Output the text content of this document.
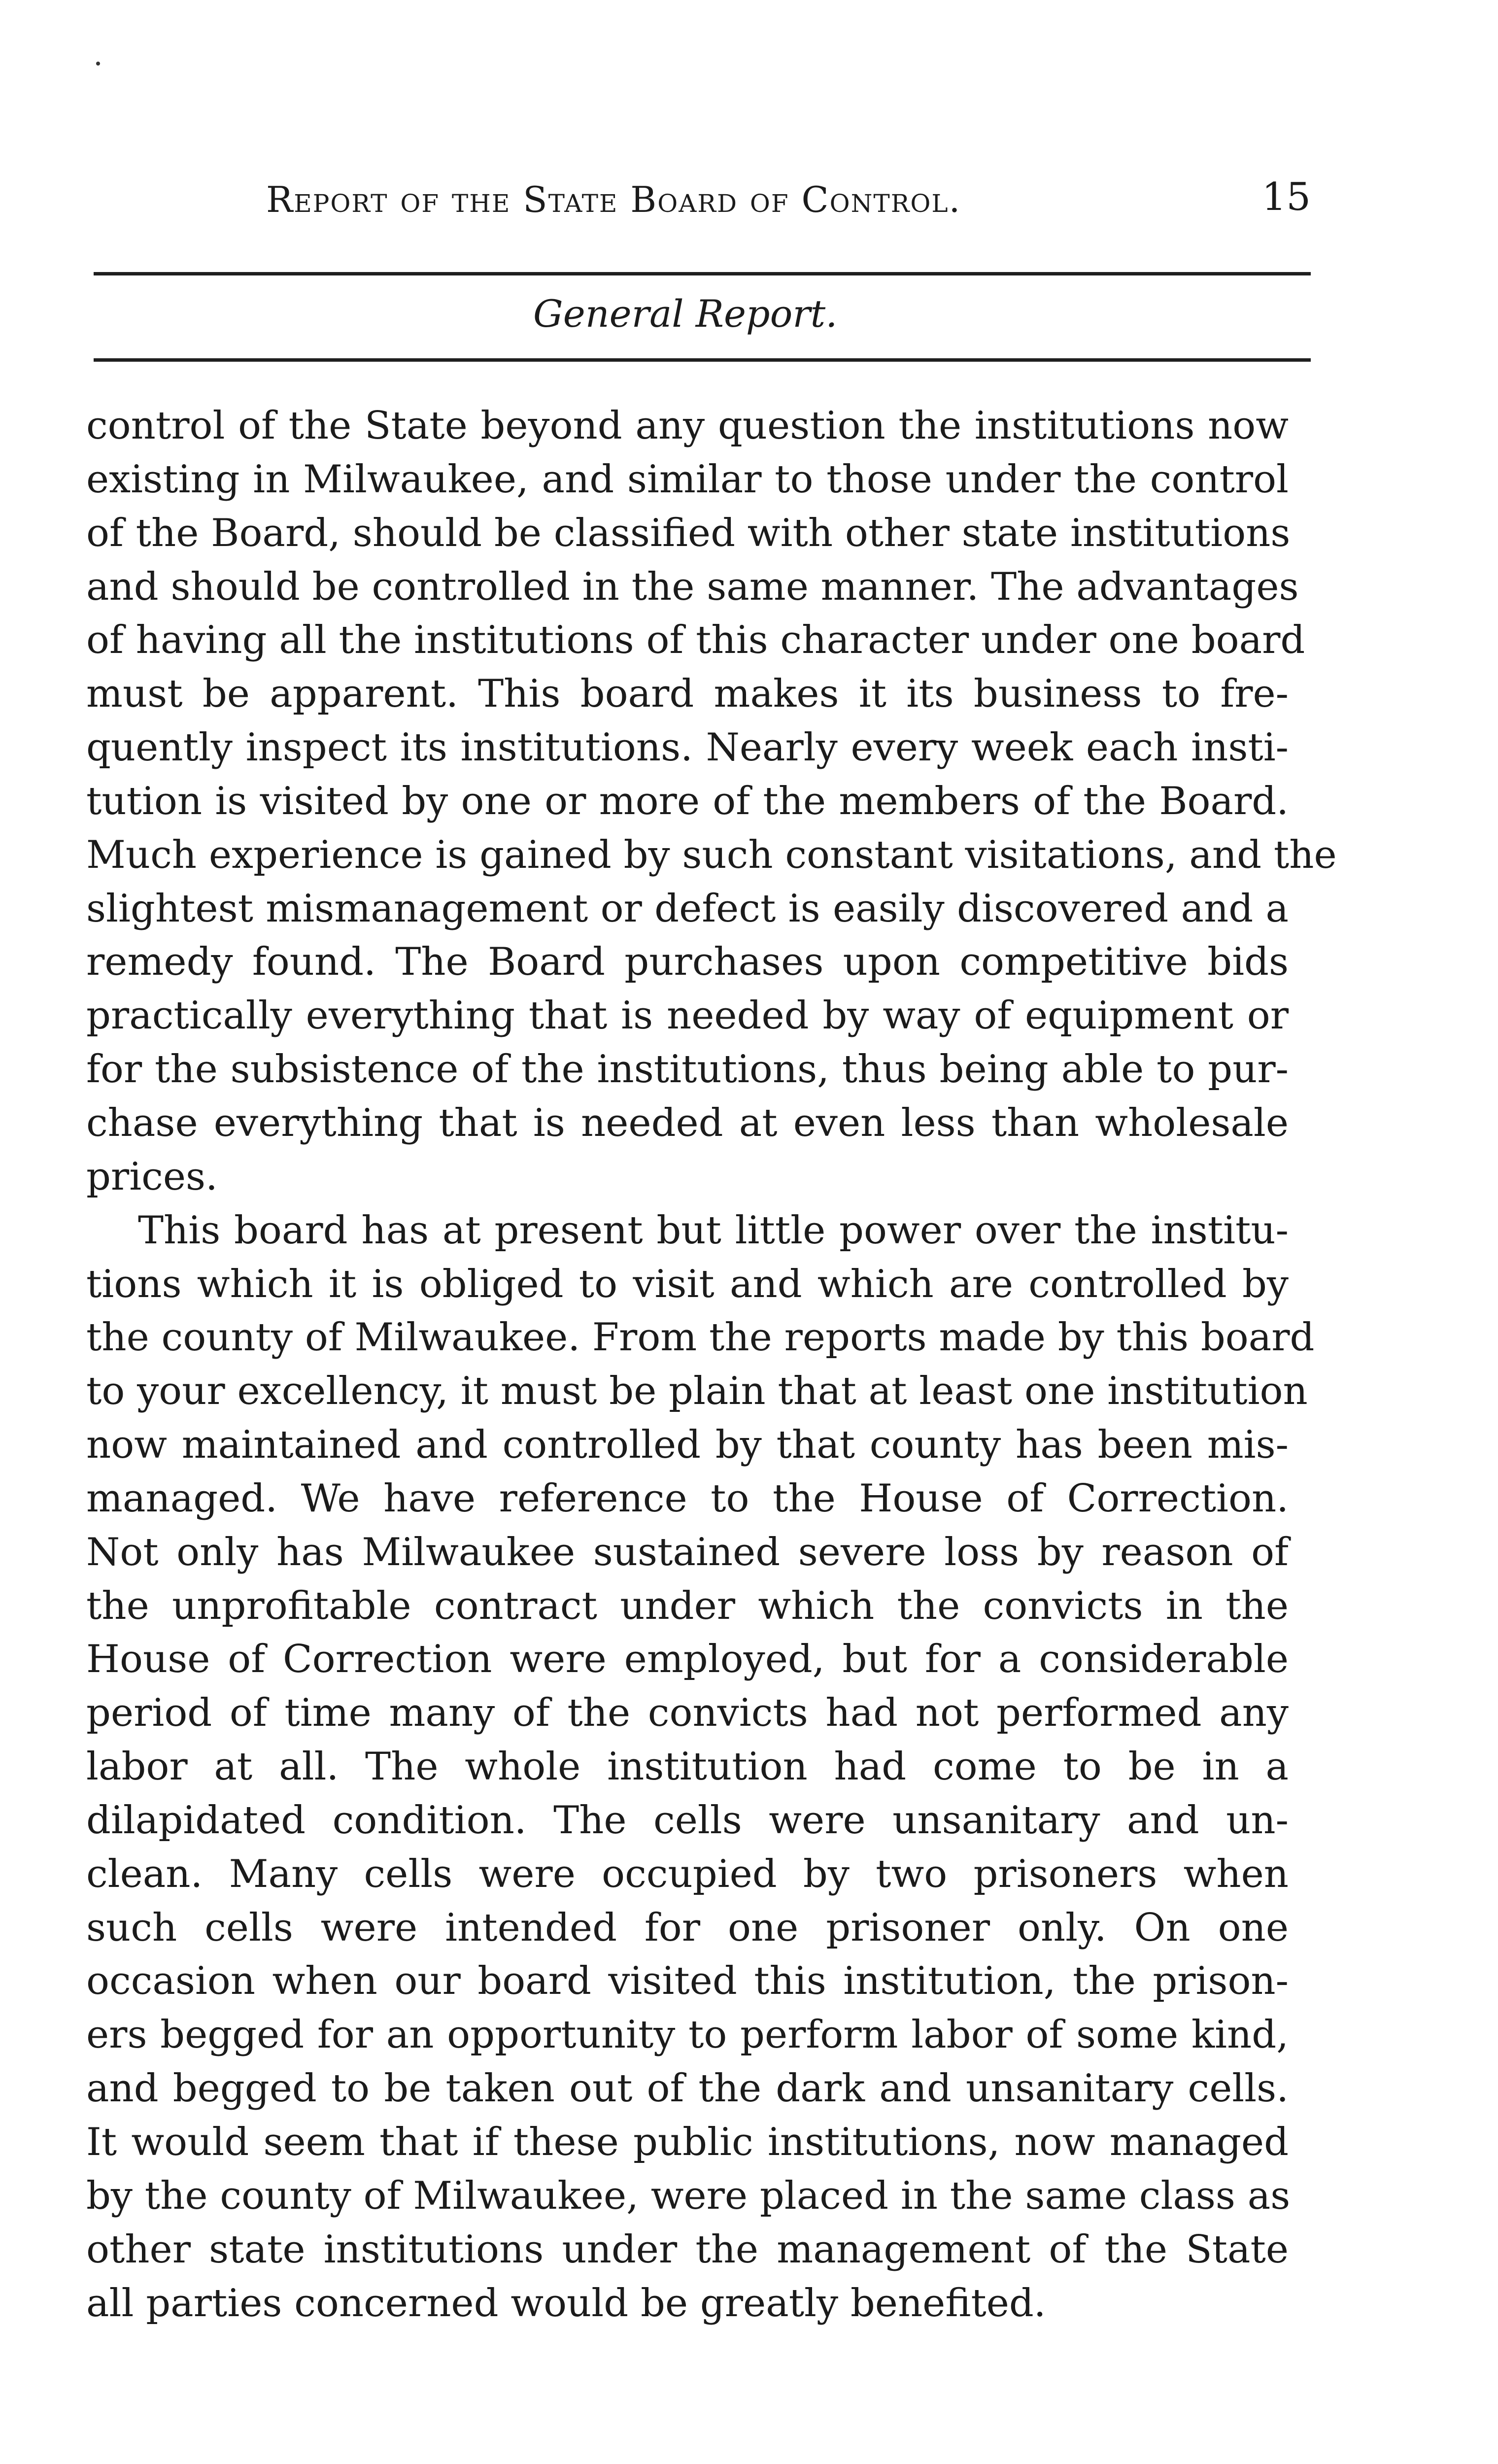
Report of the State Board of Control.	15
General Report.
control of the State beyond any question the institutions now
existing in Milwaukee, and similar to those under the control
of the Board, should be classified with other state institutions
and should be controlled in the same manner. The advantages
of having all the institutions of this character under one board
must be apparent. This board makes it its business to fre-
quently inspect its institutions. Nearly every week each insti-
tution is visited by one or more of the members of the Board.
Much experience is gained by such constant visitations, and the
slightest mismanagement or defect is easily discovered and a
remedy found. The Board purchases upon competitive bids
practically everything that is needed by way of equipment or
for the subsistence of the institutions, thus being able to pur-
chase everything that is needed at even less than wholesale
prices.
This board has at present but little power over the institu-
tions which it is obliged to visit and which are controlled by
the county of Milwaukee. From the reports made by this board
to your excellency, it must be plain that at least one institution
now maintained and controlled by that county has been mis-
managed. We have reference to the House of Correction.
Not only has Milwaukee sustained severe loss by reason of
the unprofitable contract under which the convicts in the
House of Correction were employed, but for a considerable
period of time many of the convicts had not performed any
labor at all. The whole institution had come to be in a
dilapidated condition. The cells were unsanitary and un-
clean. Many cells were occupied by two prisoners when
such cells were intended for one prisoner only. On one
occasion when our board visited this institution, the prison-
ers begged for an opportunity to perform labor of some kind,
and begged to be taken out of the dark and unsanitary cells.
It would seem that if these public institutions, now managed
by the county of Milwaukee, were placed in the same class as
other state institutions under the management of the State
all parties concerned would be greatly benefited.
